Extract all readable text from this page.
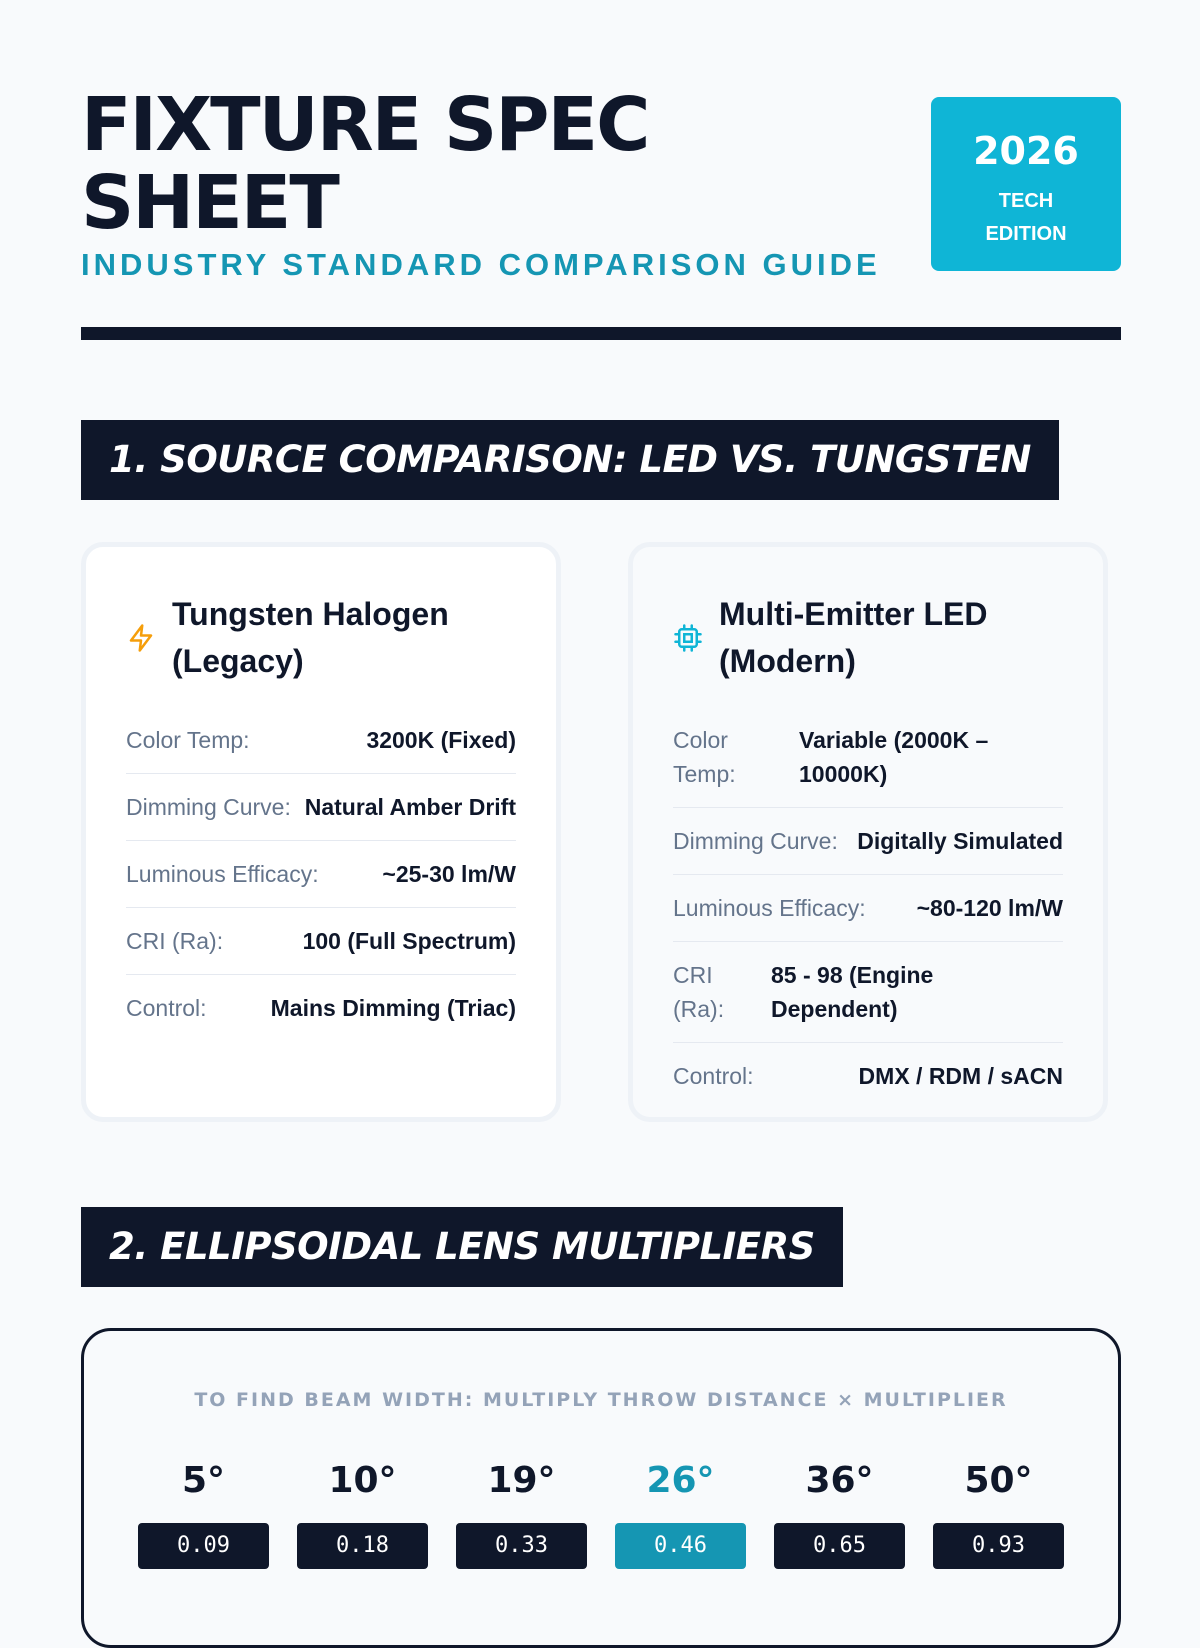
FIXTURE SPEC SHEET
INDUSTRY STANDARD COMPARISON GUIDE
2026
TECH EDITION
1. SOURCE COMPARISON: LED VS. TUNGSTEN
Tungsten Halogen (Legacy)
Color Temp:	3200K (Fixed)
Dimming Curve: Natural Amber Drift
Luminous Efficacy:	~25-30 lm/W
CRI (Ra):	100 (Full Spectrum)
Control:	Mains Dimming (Triac)
Multi-Emitter LED (Modern)
Color Temp:
Variable (2000K – 10000K)
Dimming Curve: Digitally Simulated
Luminous Efficacy: ~80-120 lm/W
CRI (Ra):
85 - 98 (Engine Dependent)
Control:	DMX / RDM / sACN
2. ELLIPSOIDAL LENS MULTIPLIERS
TO FIND BEAM WIDTH: MULTIPLY THROW DISTANCE × MULTIPLIER
5°
0.09
10°
0.18
19°
0.33
26°
0.46
36°
0.65
50°
0.93
